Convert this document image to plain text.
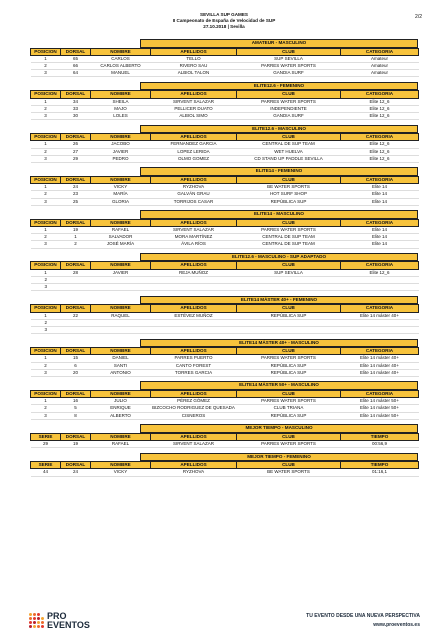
2/2
SEVILLA SUP GAMES
II Campeonato de España de Velocidad de SUP
27.10.2018 | Sevilla
AMATEUR - MASCULINO
POSICION	DORSAL	NOMBRE	APELLIDOS	CLUB	CATEGORIA
1	65	CARLOS	TELLO	SUP SEVILLA	Amateur
2	66	CARLOS ALBERTO	RIVERO SAU	PARRES WATER SPORTS	Amateur
3	64	MANUEL	ALBIOL TALON	GANDIA SURF	Amateur
ELITE12.6 - FEMENINO
POSICION	DORSAL	NOMBRE	APELLIDOS	CLUB	CATEGORIA
1	34	SHEILA	SIRVENT SALAZAR	PARRES WATER SPORTS	Elite 12_6
2	33	MAJO	PELLICER DUATO	INDEPENDIENTE	Elite 12_6
3	30	LOLES	ALBIOL SIMO	GANDIA SURF	Elite 12_6
ELITE12.6 - MASCULINO
POSICION	DORSAL	NOMBRE	APELLIDOS	CLUB	CATEGORIA
1	26	JACOBO	FERNANDEZ GARCIA	CENTRAL DE SUP TEAM	Elite 12_6
2	27	JAVIER	LOPEZ LERIDA	WET HUELVA	Elite 12_6
3	29	PEDRO	OLMO GOMEZ	CD STAND UP PADDLE SEVILLA	Elite 12_6
ELITE14 - FEMENINO
POSICION	DORSAL	NOMBRE	APELLIDOS	CLUB	CATEGORIA
1	24	VICKY	RYZHOVA	BE WATER SPORTS	Elite 14
2	23	MARÍA	GALVÁN GRAU	HOT SURF SHOP	Elite 14
3	25	GLORIA	TORRIJOS CASAR	REPÚBLICA SUP	Elite 14
ELITE14 - MASCULINO
POSICION	DORSAL	NOMBRE	APELLIDOS	CLUB	CATEGORIA
1	19	RAFAEL	SIRVENT SALAZAR	PARRES WATER SPORTS	Elite 14
2	1	SALVADOR	MORA MARTÍNEZ	CENTRAL DE SUP TEAM	Elite 14
3	2	JOSÉ MARÍA	ÁVILA RÍOS	CENTRAL DE SUP TEAM	Elite 14
ELITE12.6 - MASCULINO - SUP ADAPTADO
POSICION	DORSAL	NOMBRE	APELLIDOS	CLUB	CATEGORIA
1	28	JAVIER	REJA MUÑOZ	SUP SEVILLA	Elite 12_6
2					
3					
ELITE14 MÁSTER 40+ - FEMENINO
POSICION	DORSAL	NOMBRE	APELLIDOS	CLUB	CATEGORIA
1	22	RAQUEL	ESTÉVEZ MUÑOZ	REPÚBLICA SUP	Elite 14 máster 40+
2					
3					
ELITE14 MÁSTER 40+ - MASCULINO
POSICION	DORSAL	NOMBRE	APELLIDOS	CLUB	CATEGORIA
1	15	DANIEL	PARRES PUERTO	PARRES WATER SPORTS	Elite 14 máster 40+
2	6	SANTI	CANTO FOREST	REPÚBLICA SUP	Elite 14 máster 40+
3	20	ANTONIO	TORRES GARCIA	REPÚBLICA SUP	Elite 14 máster 40+
ELITE14 MÁSTER 50+ - MASCULINO
POSICION	DORSAL	NOMBRE	APELLIDOS	CLUB	CATEGORIA
1	16	JULIO	PÉREZ GÓMEZ	PARRES WATER SPORTS	Elite 14 máster 50+
2	5	ENRIQUE	BIZCOCHO RODRIGUEZ DE QUESADA	CLUB TRIANA	Elite 14 máster 50+
3	8	ALBERTO	CISNEROS	REPÚBLICA SUP	Elite 14 máster 50+
MEJOR TIEMPO - MASCULINO
SERIE	DORSAL	NOMBRE	APELLIDOS	CLUB	TIEMPO
29	19	RAFAEL	SIRVENT SALAZAR	PARRES WATER SPORTS	00:56,9
MEJOR TIEMPO - FEMENINO
SERIE	DORSAL	NOMBRE	APELLIDOS	CLUB	TIEMPO
44	24	VICKY	RYZHOVA	BE WATER SPORTS	01:16,1
PRO
EVENTOS
TU EVENTO DESDE UNA NUEVA PERSPECTIVA
www.proeventos.es
